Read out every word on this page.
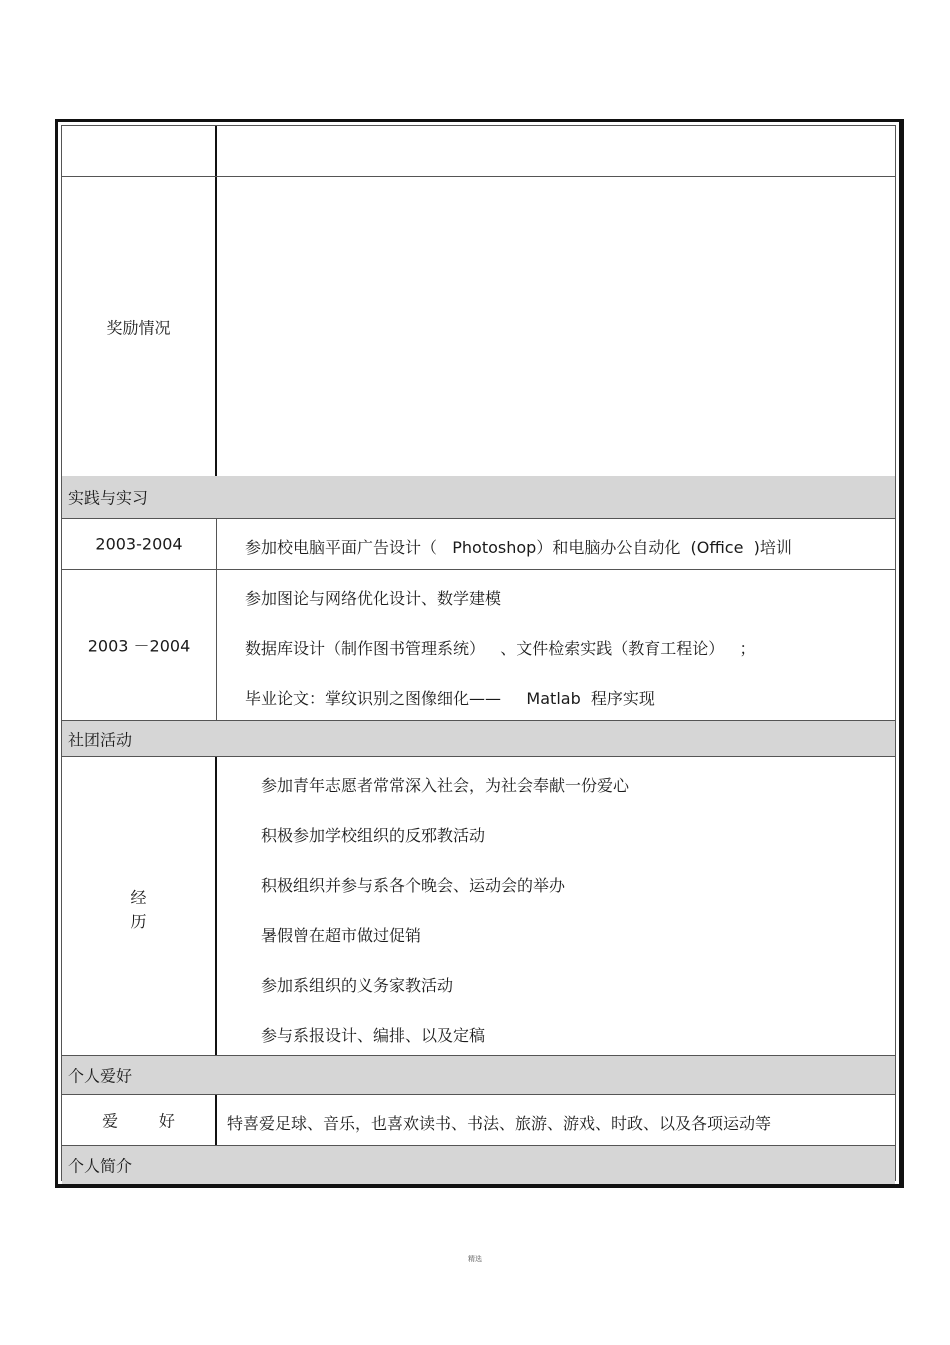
奖励情况
实践与实习
2003-2004	参加校电脑平面广告设计（   Photoshop）和电脑办公自动化  (Office  )培训
2003 －2004
参加图论与网络优化设计、数学建模
数据库设计（制作图书管理系统）   、文件检索实践（教育工程论）   ；
毕业论文：掌纹识别之图像细化——     Matlab  程序实现
社团活动
经
历
参加青年志愿者常常深入社会，为社会奉献一份爱心
积极参加学校组织的反邪教活动
积极组织并参与系各个晚会、运动会的举办
暑假曾在超市做过促销
参加系组织的义务家教活动
参与系报设计、编排、以及定稿
个人爱好
爱        好	特喜爱足球、音乐，也喜欢读书、书法、旅游、游戏、时政、以及各项运动等
个人简介
精选
